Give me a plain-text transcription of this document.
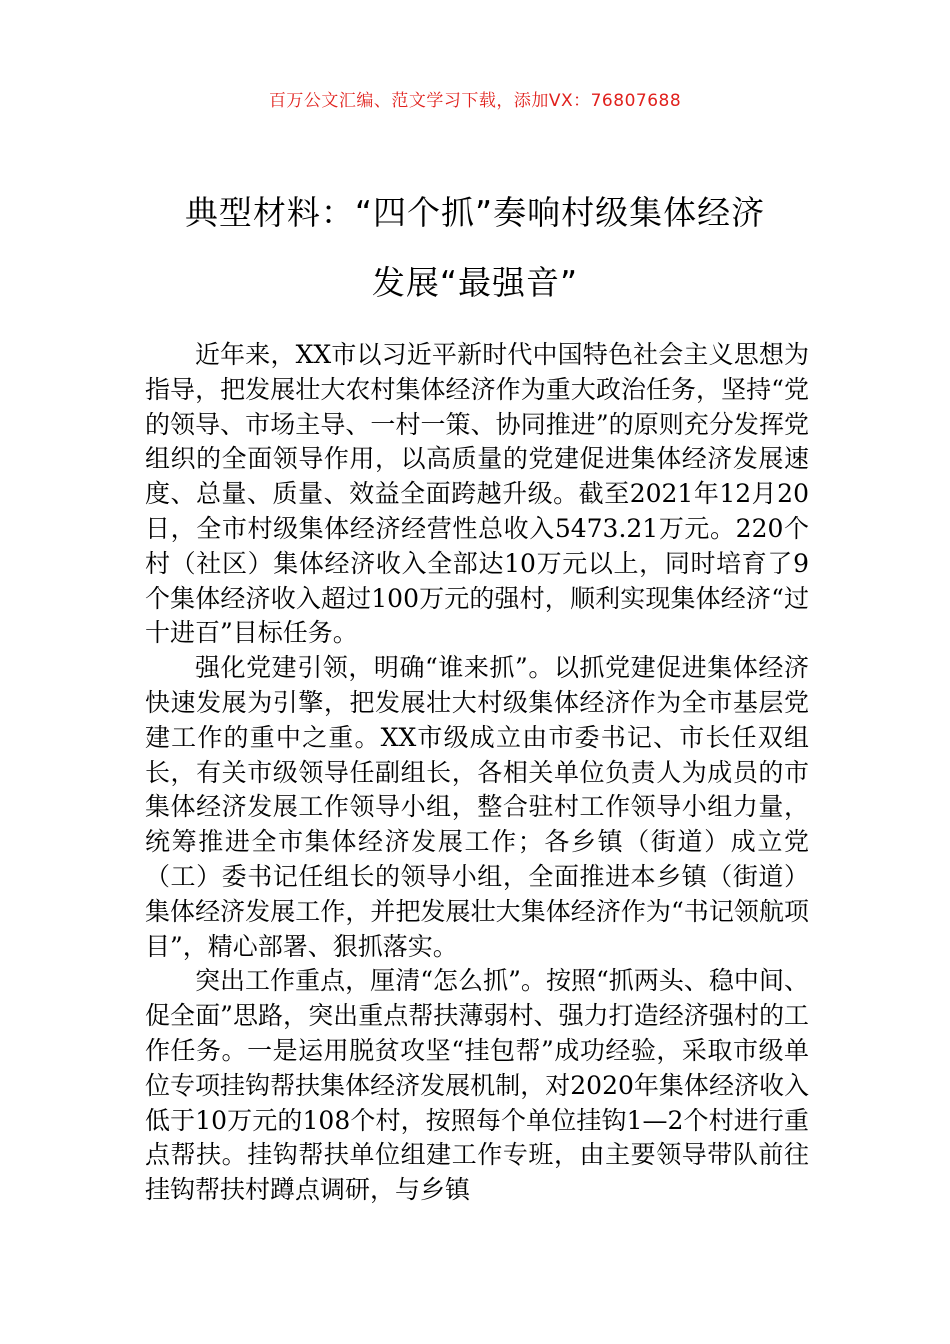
百万公文汇编、范文学习下载，添加VX：76807688
典型材料：“四个抓”奏响村级集体经济
发展“最强音”

近年来，XX市以习近平新时代中国特色社会主义思想为指导，把发展壮大农村集体经济作为重大政治任务，坚持“党的领导、市场主导、一村一策、协同推进”的原则充分发挥党组织的全面领导作用，以高质量的党建促进集体经济发展速度、总量、质量、效益全面跨越升级。截至2021年12月20日，全市村级集体经济经营性总收入5473.21万元。220个村（社区）集体经济收入全部达10万元以上，同时培育了9个集体经济收入超过100万元的强村，顺利实现集体经济“过十进百”目标任务。

强化党建引领，明确“谁来抓”。以抓党建促进集体经济快速发展为引擎，把发展壮大村级集体经济作为全市基层党建工作的重中之重。XX市级成立由市委书记、市长任双组长，有关市级领导任副组长，各相关单位负责人为成员的市集体经济发展工作领导小组，整合驻村工作领导小组力量，统筹推进全市集体经济发展工作；各乡镇（街道）成立党（工）委书记任组长的领导小组，全面推进本乡镇（街道）集体经济发展工作，并把发展壮大集体经济作为“书记领航项目”，精心部署、狠抓落实。

突出工作重点，厘清“怎么抓”。按照“抓两头、稳中间、促全面”思路，突出重点帮扶薄弱村、强力打造经济强村的工作任务。一是运用脱贫攻坚“挂包帮”成功经验，采取市级单位专项挂钩帮扶集体经济发展机制，对2020年集体经济收入低于10万元的108个村，按照每个单位挂钩1—2个村进行重点帮扶。挂钩帮扶单位组建工作专班，由主要领导带队前往挂钩帮扶村蹲点调研，与乡镇
